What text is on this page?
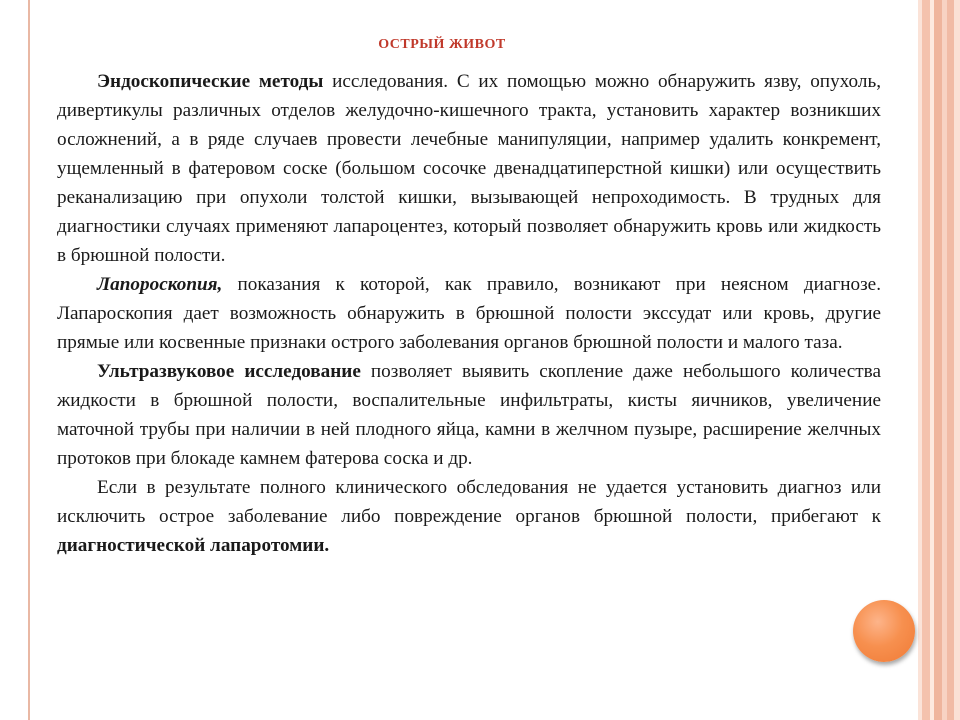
ОСТРЫЙ ЖИВОТ

Эндоскопические методы исследования. С их помощью можно обнаружить язву, опухоль, дивертикулы различных отделов желудочно-кишечного тракта, установить характер возникших осложнений, а в ряде случаев провести лечебные манипуляции, например удалить конкремент, ущемленный в фатеровом соске (большом сосочке двенадцатиперстной кишки) или осуществить реканализацию при опухоли толстой кишки, вызывающей непроходимость. В трудных для диагностики случаях применяют лапароцентез, который позволяет обнаружить кровь или жидкость в брюшной полости.

Лапороскопия, показания к которой, как правило, возникают при неясном диагнозе. Лапароскопия дает возможность обнаружить в брюшной полости экссудат или кровь, другие прямые или косвенные признаки острого заболевания органов брюшной полости и малого таза.

Ультразвуковое исследование позволяет выявить скопление даже небольшого количества жидкости в брюшной полости, воспалительные инфильтраты, кисты яичников, увеличение маточной трубы при наличии в ней плодного яйца, камни в желчном пузыре, расширение желчных протоков при блокаде камнем фатерова соска и др.

Если в результате полного клинического обследования не удается установить диагноз или исключить острое заболевание либо повреждение органов брюшной полости, прибегают к диагностической лапаротомии.
